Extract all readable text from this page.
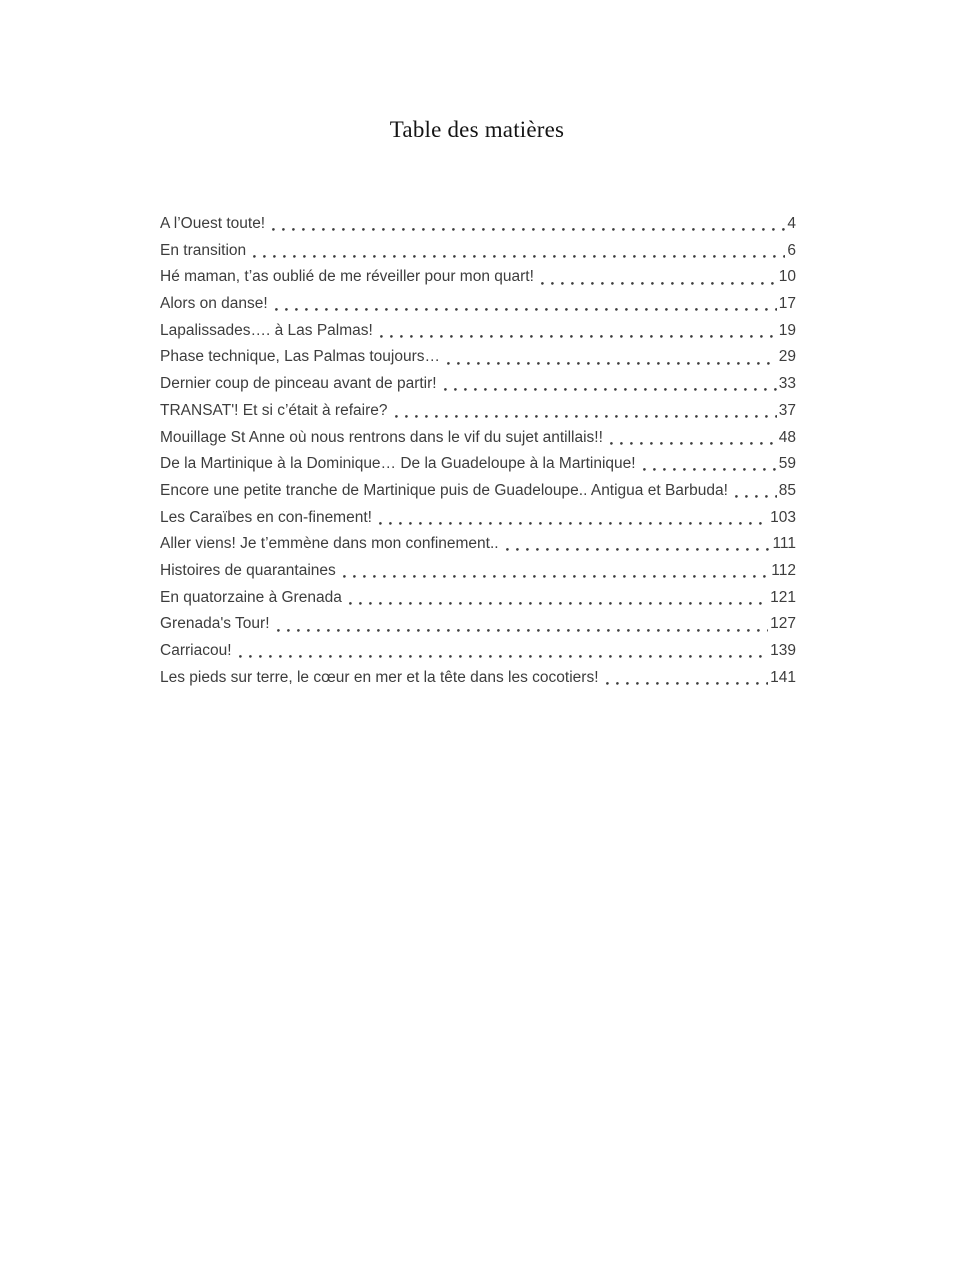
Table des matières
A l’Ouest toute!	4
En transition	6
Hé maman, t’as oublié de me réveiller pour mon quart!	10
Alors on danse!	17
Lapalissades…. à Las Palmas!	19
Phase technique, Las Palmas toujours…	29
Dernier coup de pinceau avant de partir!	33
TRANSAT'! Et si c’était à refaire?	37
Mouillage St Anne où nous rentrons dans le vif du sujet antillais!!	48
De la Martinique à la Dominique… De la Guadeloupe à la Martinique!	59
Encore une petite tranche de Martinique puis de Guadeloupe.. Antigua et Barbuda!	85
Les Caraïbes en con-finement!	103
Aller viens! Je t’emmène dans mon confinement..	111
Histoires de quarantaines	112
En quatorzaine à Grenada	121
Grenada's Tour!	127
Carriacou!	139
Les pieds sur terre, le cœur en mer et la tête dans les cocotiers!	141
